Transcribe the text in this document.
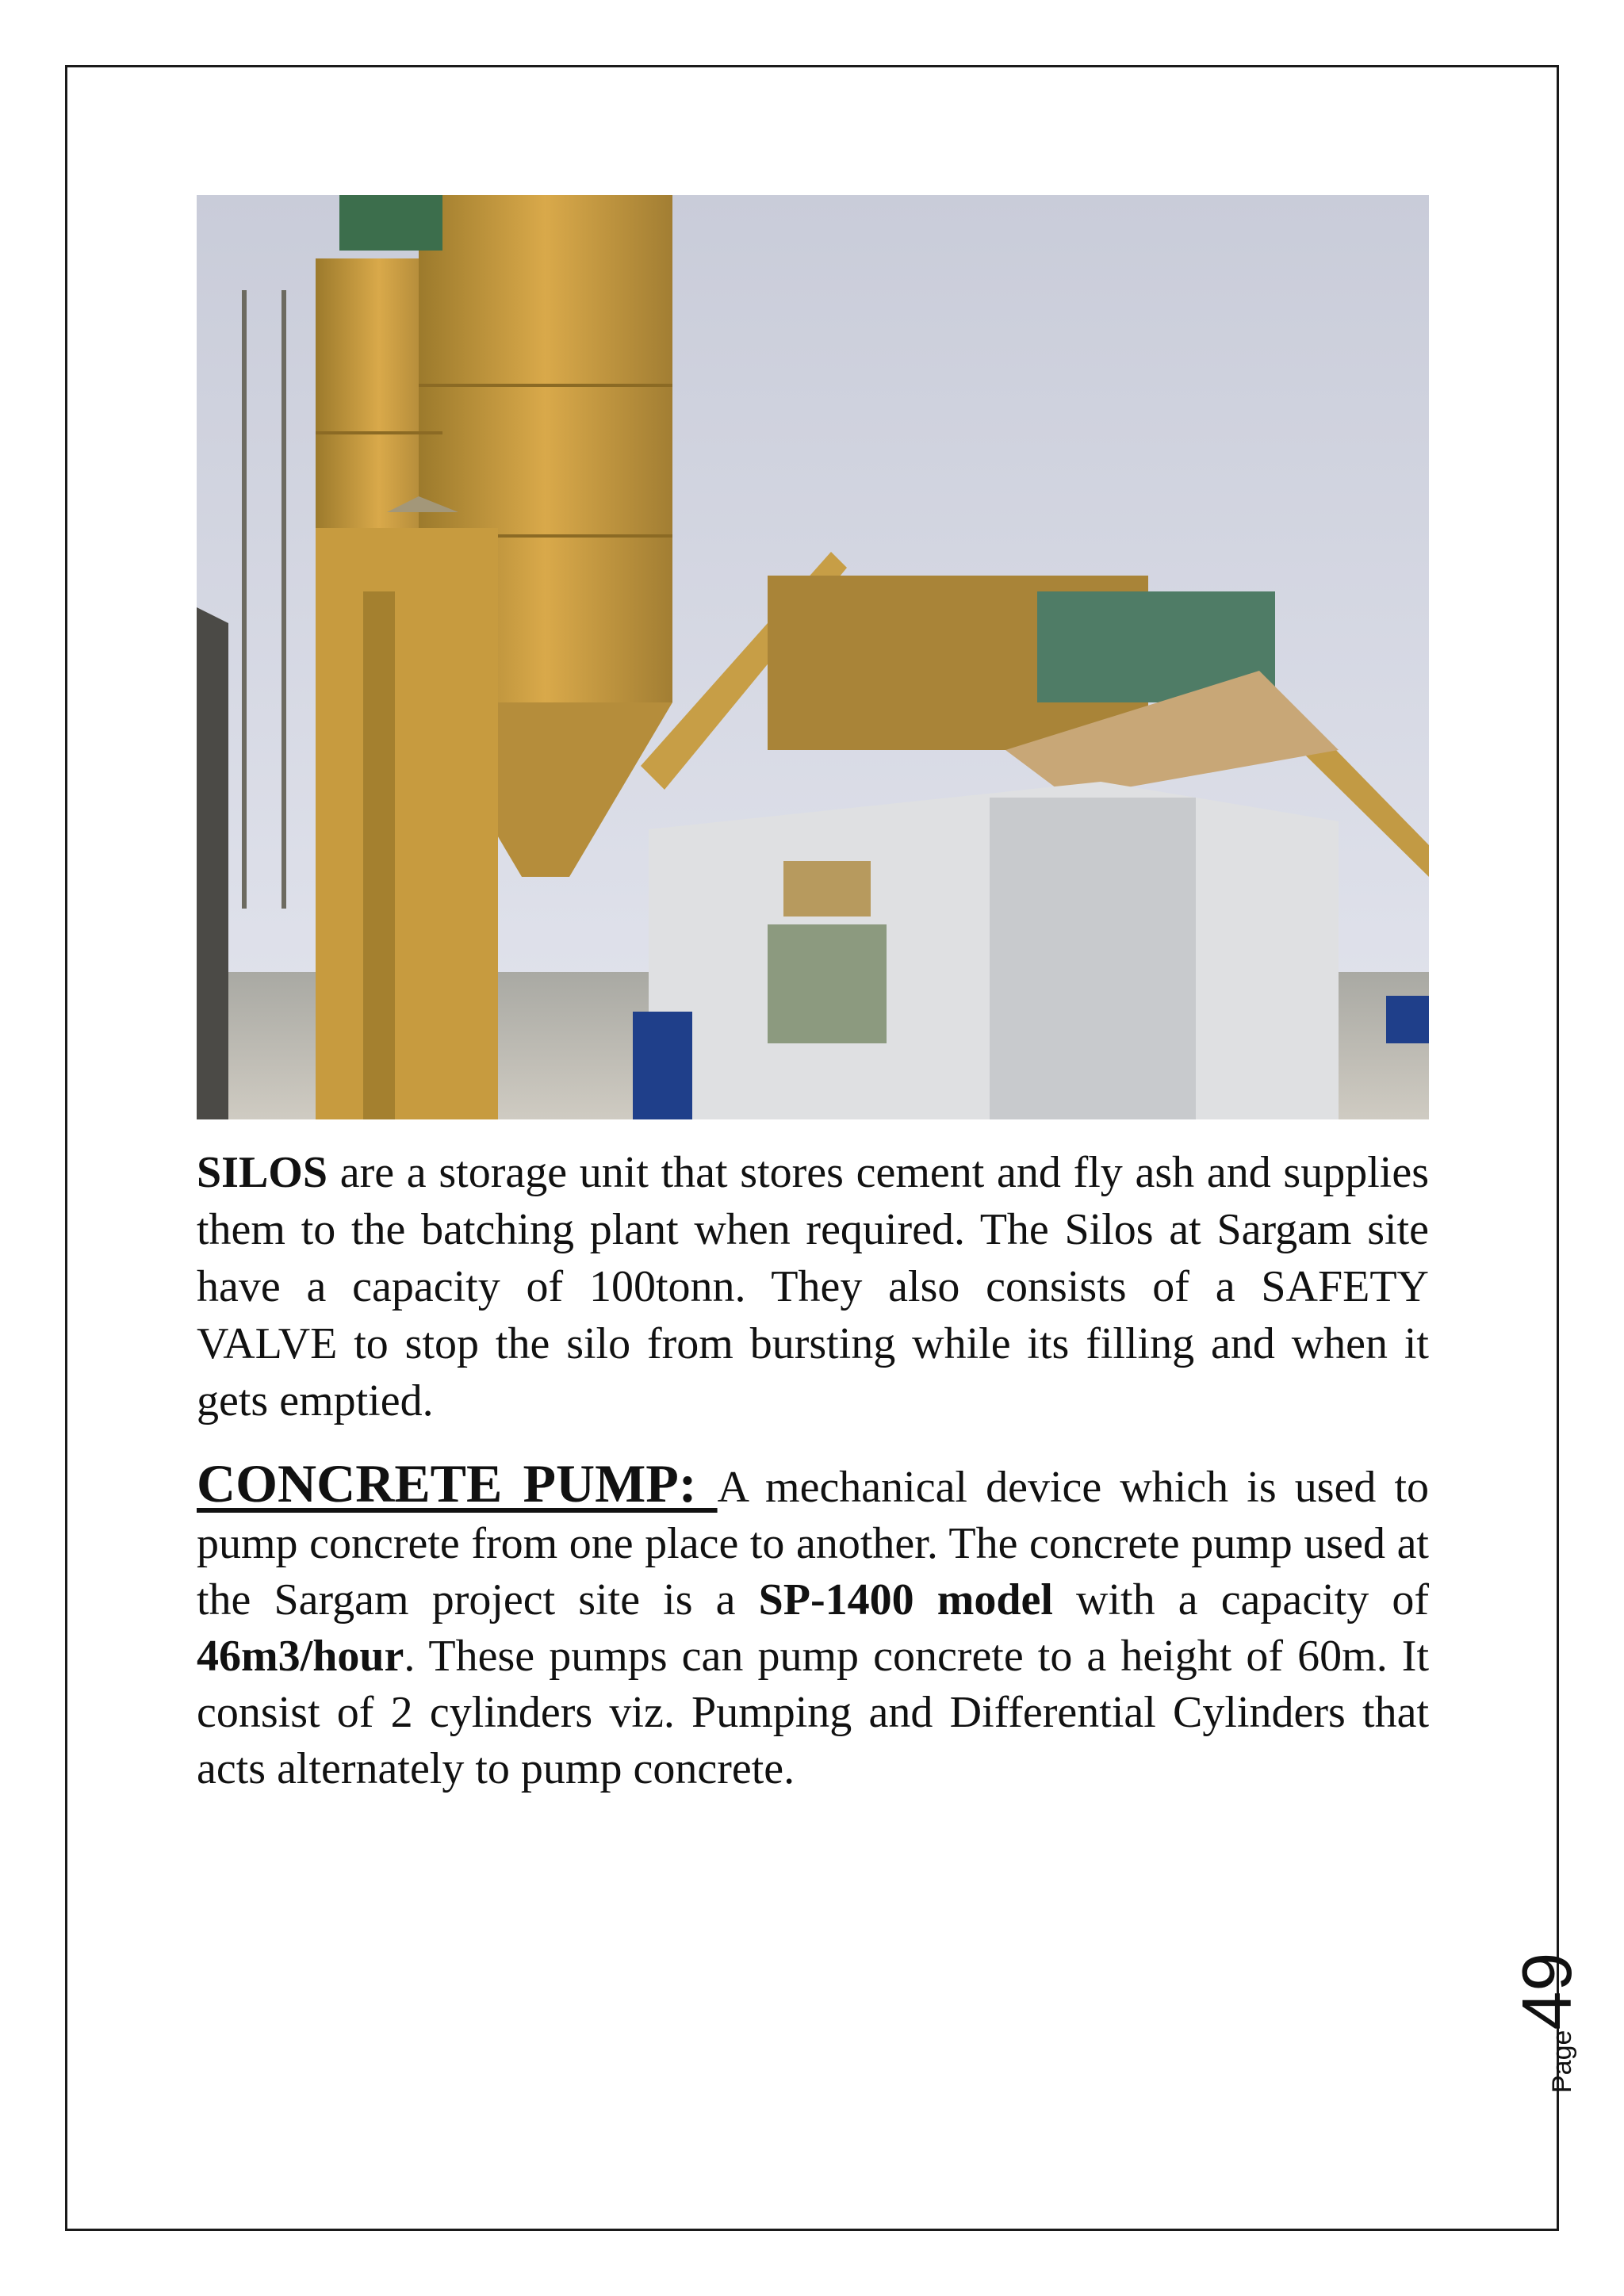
SILOS are a storage unit that stores cement and fly ash and supplies them to the batching plant when required. The Silos at Sargam site have a capacity of 100tonn. They also consists of a SAFETY VALVE to stop the silo from bursting while its filling and when it gets emptied.

CONCRETE PUMP: A mechanical device which is used to pump concrete from one place to another. The concrete pump used at the Sargam project site is a SP-1400 model with a capacity of 46m3/hour. These pumps can pump concrete to a height of 60m. It consist of 2 cylinders viz. Pumping and Differential Cylinders that acts alternately to pump concrete.

Page49
